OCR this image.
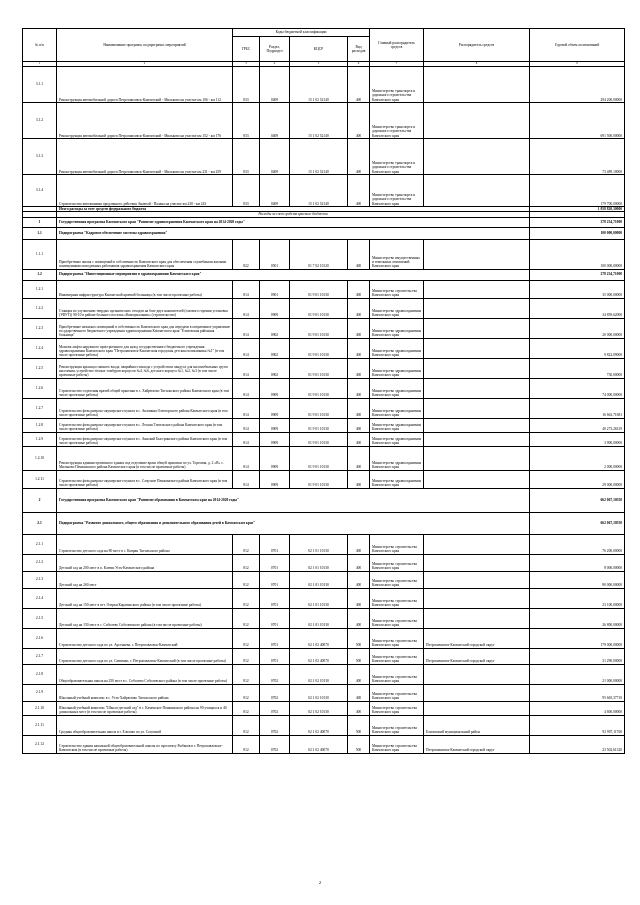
№ п/п	Наименование программ, подпрограмм, мероприятий	Коды бюджетной классификации				Главный распорядитель средств	Распорядитель средств	Годовой объем ассигнований
		ГРБС	Раздел, Подраздел	КЦСР	Вид расходов			
1	2	3	4	5	6	7	8	9
3.1.1	Реконструкция автомобильной дороги Петропавловск-Камчатский - Мильково на участке км 106 - км 112	833	0409	15 1 02 52140	400	Министерство транспорта и дорожного строительства Камчатского края		294 200,00000
3.1.2	Реконструкция автомобильной дороги Петропавловск-Камчатский - Мильково на участке км 152 - км 176	833	0409	15 1 02 52140	400	Министерство транспорта и дорожного строительства Камчатского края		691 500,00000
3.1.3	Реконструкция автомобильной дороги Петропавловск-Камчатский - Мильково на участке км 231 - км 259	833	0409	15 1 02 52140	400	Министерство транспорта и дорожного строительства Камчатского края		73 489,10000
3.1.4	Строительство автозимника продленного действия Анавгай - Палана на участке км 230 - км 243	833	0409	15 1 02 52140	400	Министерство транспорта и дорожного строительства Камчатского края		179 700,00000
	Итого расходы за счет средств федерального бюджета							1 058 820,30000
	Расходы за счет средств краевого бюджета							
1	Государственная программа Камчатского края "Развитие здравоохранения Камчатского края на 2014-2020 годы"							378 234,71000
1.1	Подпрограмма "Кадровое обеспечение системы здравоохранения"							100 000,00000
1.1.1	Приобретение жилья с помещений в собственность Камчатского края для обеспечения служебными жилыми помещениями молодежных работников здравоохранения Камчатского края	822	0501	01 7 02 10120	400	Министерство имущественных и земельных отношений Камчатского края		100 000,00000
1.2	Подпрограмма "Инвестиционные мероприятия в здравоохранении Камчатского края"							278 234,71000
1.2.1	Инженерная инфраструктура Камчатской краевой больницы (в том числе проектные работы)	814	0901	01 9 01 10130	400	Министерство строительства Камчатского края		35 000,00000
1.2.2	Станция по улучшению твердых органических отходов на базе двух накопителей (газового горения установок (УФУТ)) 90-10 в районе больного поселка «Коммунальник» (строительство)	814	0909	01 9 01 10130	400	Министерство здравоохранения Камчатского края		34 859,62000
1.2.3	Приобретение нежилых помещений в собственность Камчатского края для передачи в оперативное управление государственного бюджетного учреждения здравоохранения Камчатского края "Елизовская районная больница"	814	0902	01 9 01 10130	400	Министерство здравоохранения Камчатского края		20 000,00000
1.2.4	Монтаж лифта наружного пристроенного для нужд государственного бюджетного учреждения здравоохранения Камчатского края "Петропавловск-Камчатская городская детская поликлиника №1" (в том числе проектные работы)	814	0902	01 9 01 10130	400	Министерство здравоохранения Камчатского края		9 822,09000
1.2.5	Реконструкция крыльца главного входа, аварийного выхода с устройством пандуса для маломобильных групп населения, устройство тёплых тамбуров корпусов №4, №6, детского корпуса №1, №2, №3 (в том числе проектные работы)	814	0902	01 9 01 10130	400	Министерство здравоохранения Камчатского края		730,00000
1.2.6	Строительство отделения врачей общей практики в с. Хайрюзово Тигильского района Камчатского края (в том числе проектные работы)	814	0909	01 9 01 10130	400	Министерство здравоохранения Камчатского края		74 000,00000
1.2.7	Строительство фельдшерско-акушерского пункта в с. Апачинка Олюторского района Камчатского края (в том числе проектные работы)	814	0909	01 9 01 10130	400	Министерство здравоохранения Камчатского края		16 663,71681
1.2.8	Строительство фельдшерско-акушерского пункта в с. Лесная Тигильского района Камчатского края (в том числе проектные работы)	814	0909	01 9 01 10130	400	Министерство здравоохранения Камчатского края		40 273,26319
1.2.9	Строительство фельдшерско-акушерского пункта в с. Аянский Быстринского района Камчатского края (в том числе проектные работы)	814	0909	01 9 01 10130	400	Министерство здравоохранения Камчатского края		3 900,00000
1.2.10	Реконструкция административного здания под отделение врача общей практики по ул. Торговая, д. 2 «В» с. Мильково Пенжинского района Камчатского края (в том числе проектные работы)	814	0909	01 9 01 10130	400	Министерство здравоохранения Камчатского края		2 000,00000
1.2.11	Строительство фельдшерско-акушерского пункта в с. Слаутное Пенжинского района Камчатского края (в том числе проектные работы)	814	0909	01 9 01 10130	400	Министерство здравоохранения Камчатского края		29 000,00000
2	Государственная программа Камчатского края "Развитие образования в Камчатском крае на 2014-2020 годы"							662 067,10550
2.1	Подпрограмма "Развитие дошкольного, общего образования и дополнительного образования детей в Камчатском крае"							662 067,10550
2.1.1	Строительство детского сада на 80 мест в с. Ковран Тигильского района	812	0701	02 1 01 10130	400	Министерство строительства Камчатского края		76 200,00000
2.1.2	Детский сад на 200 мест в п. Ключи Усть-Камчатского района	812	0701	02 1 01 10130	400	Министерство строительства Камчатского края		8 000,00000
2.1.3	Детский сад на 260 мест	812	0701	02 1 01 10130	400	Министерство строительства Камчатского края		80 000,00000
2.1.4	Детский сад на 150 мест в пгт. Озерки Карагинского района (в том числе проектные работы)	812	0701	02 1 01 10130	400	Министерство строительства Камчатского края		23 100,00000
2.1.5	Детский сад на 150 мест в с. Соболево Соболевского района (в том числе проектные работы)	812	0701	02 1 01 10130	400	Министерство строительства Камчатского края		26 800,00000
2.1.6	Строительство детского сада по ул. Арсеньева, г. Петропавловск-Камчатский	812	0701	02 1 02 40070	500	Министерство строительства Камчатского края	Петропавловск-Камчатский городской округ	179 000,00000
2.1.7	Строительство детского сада по ул. Савченко, г. Петропавловск-Камчатский (в том числе проектные работы)	812	0701	02 1 02 40070	500	Министерство строительства Камчатского края	Петропавловск-Камчатский городской округ	31 290,00000
2.1.8	Общеобразовательная школа на 250 мест в с. Соболево Соболевского района (в том числе проектные работы)	812	0702	02 1 02 10130	400	Министерство строительства Камчатского края		21 000,00000
2.1.9	Школьный учебный комплекс в с. Усть-Хайрюзово Тигильского района	812	0702	02 1 02 10130	400	Министерство строительства Камчатского края		95 665,37710
2.1.10	Школьный учебный комплекс "Школа-детский сад" в с. Каменское Пенжинского района на 90 учащихся и 40 дошкольных мест (в том числе проектные работы)	812	0702	02 1 02 10130	400	Министерство строительства Камчатского края		4 600,00000
2.1.11	Средняя общеобразовательная школа в г. Елизово по ул. Сопочной	812	0702	02 1 02 40070	500	Министерство строительства Камчатского края	Елизовский муниципальный район	92 907,11760
2.1.12	Строительство здания начальной общеобразовательной школы по проспекту Рыбаков в г. Петропавловске-Камчатском (в том числе проектные работы)	812	0702	02 1 02 40070	500	Министерство строительства Камчатского края	Петропавловск-Камчатский городской округ	23 502,61320
2
